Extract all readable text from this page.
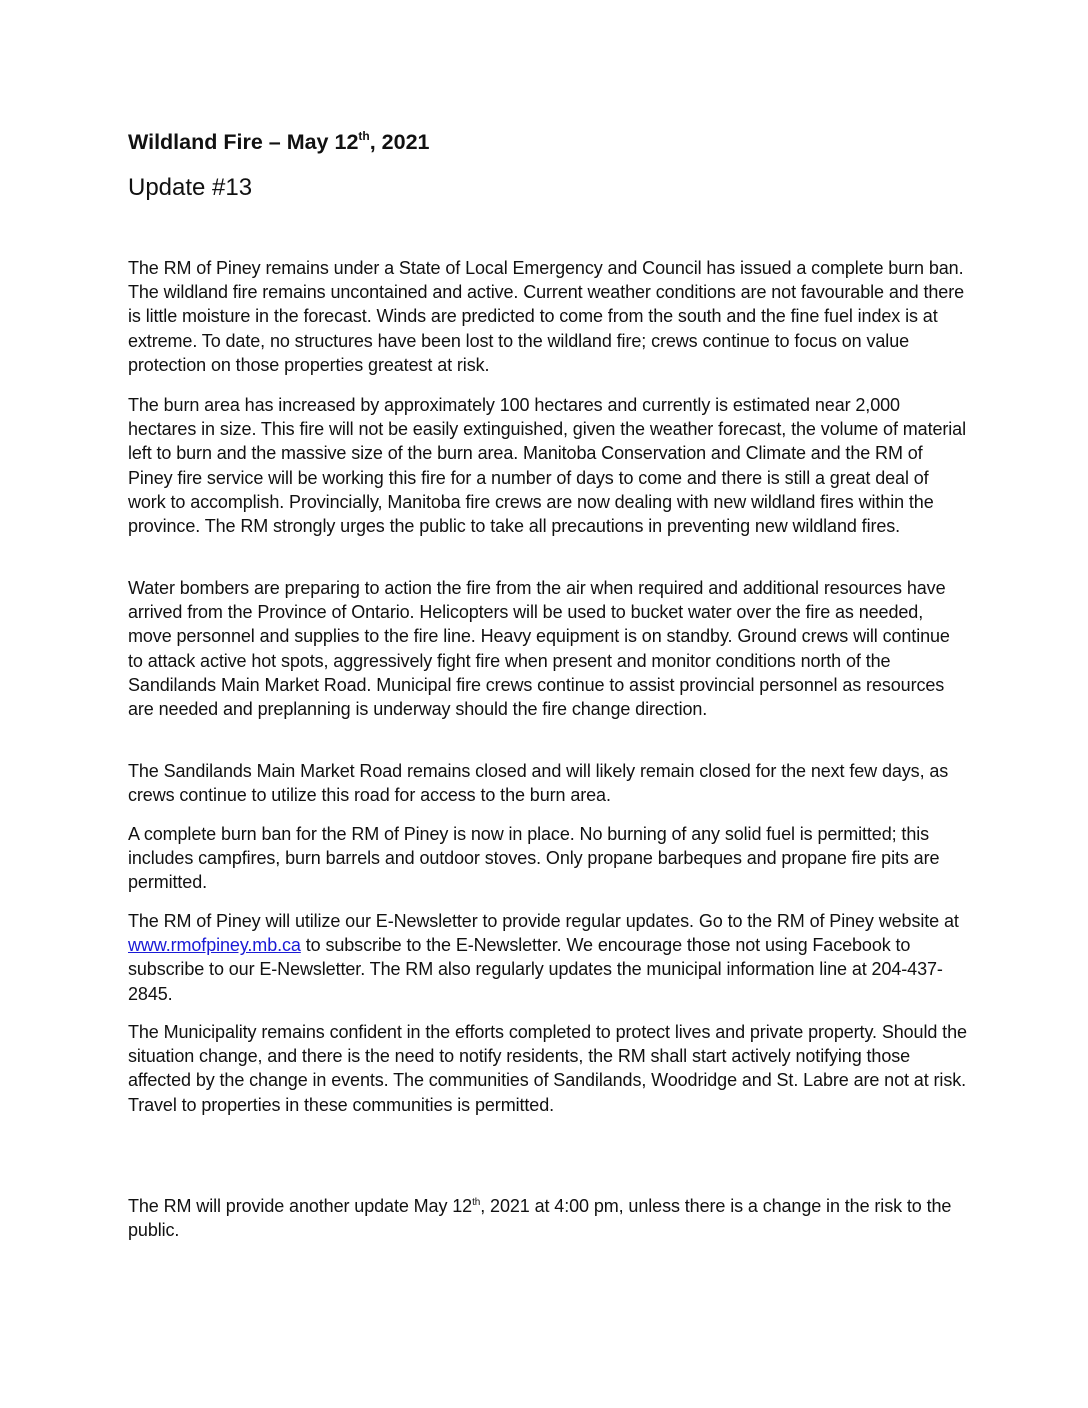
Wildland Fire – May 12th, 2021
Update #13

The RM of Piney remains under a State of Local Emergency and Council has issued a complete burn ban. The wildland fire remains uncontained and active. Current weather conditions are not favourable and there is little moisture in the forecast. Winds are predicted to come from the south and the fine fuel index is at extreme. To date, no structures have been lost to the wildland fire; crews continue to focus on value protection on those properties greatest at risk.

The burn area has increased by approximately 100 hectares and currently is estimated near 2,000 hectares in size. This fire will not be easily extinguished, given the weather forecast, the volume of material left to burn and the massive size of the burn area. Manitoba Conservation and Climate and the RM of Piney fire service will be working this fire for a number of days to come and there is still a great deal of work to accomplish. Provincially, Manitoba fire crews are now dealing with new wildland fires within the province. The RM strongly urges the public to take all precautions in preventing new wildland fires.

Water bombers are preparing to action the fire from the air when required and additional resources have arrived from the Province of Ontario. Helicopters will be used to bucket water over the fire as needed, move personnel and supplies to the fire line. Heavy equipment is on standby. Ground crews will continue to attack active hot spots, aggressively fight fire when present and monitor conditions north of the Sandilands Main Market Road. Municipal fire crews continue to assist provincial personnel as resources are needed and preplanning is underway should the fire change direction.

The Sandilands Main Market Road remains closed and will likely remain closed for the next few days, as crews continue to utilize this road for access to the burn area.

A complete burn ban for the RM of Piney is now in place. No burning of any solid fuel is permitted; this includes campfires, burn barrels and outdoor stoves. Only propane barbeques and propane fire pits are permitted.

The RM of Piney will utilize our E-Newsletter to provide regular updates. Go to the RM of Piney website at www.rmofpiney.mb.ca to subscribe to the E-Newsletter. We encourage those not using Facebook to subscribe to our E-Newsletter. The RM also regularly updates the municipal information line at 204-437-2845.

The Municipality remains confident in the efforts completed to protect lives and private property. Should the situation change, and there is the need to notify residents, the RM shall start actively notifying those affected by the change in events. The communities of Sandilands, Woodridge and St. Labre are not at risk. Travel to properties in these communities is permitted.

The RM will provide another update May 12th, 2021 at 4:00 pm, unless there is a change in the risk to the public.
